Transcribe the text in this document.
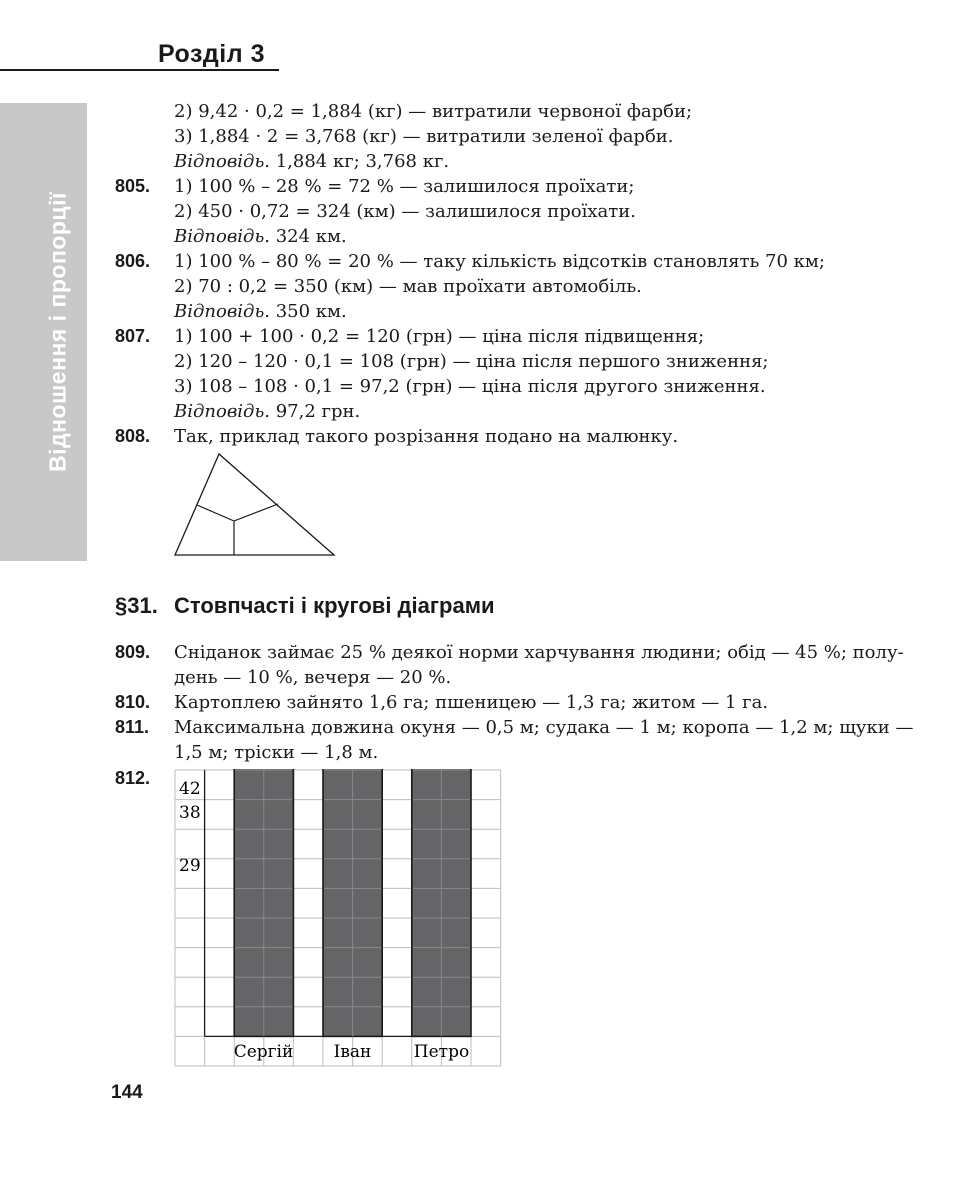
Розділ 3
Відношення і пропорції
2) 9,42 · 0,2 = 1,884 (кг) — витратили червоної фарби;
3) 1,884 · 2 = 3,768 (кг) — витратили зеленої фарби.
Відповідь. 1,884 кг; 3,768 кг.
805. 1) 100 % – 28 % = 72 % — залишилося проїхати;
2) 450 · 0,72 = 324 (км) — залишилося проїхати.
Відповідь. 324 км.
806. 1) 100 % – 80 % = 20 % — таку кількість відсотків становлять 70 км;
2) 70 : 0,2 = 350 (км) — мав проїхати автомобіль.
Відповідь. 350 км.
807. 1) 100 + 100 · 0,2 = 120 (грн) — ціна після підвищення;
2) 120 – 120 · 0,1 = 108 (грн) — ціна після першого зниження;
3) 108 – 108 · 0,1 = 97,2 (грн) — ціна після другого зниження.
Відповідь. 97,2 грн.
808. Так, приклад такого розрізання подано на малюнку.
§31. Стовпчасті і кругові діаграми
809. Сніданок займає 25 % деякої норми харчування людини; обід — 45 %; полу-
день — 10 %, вечеря — 20 %.
810. Картоплею зайнято 1,6 га; пшеницею — 1,3 га; житом — 1 га.
811. Максимальна довжина окуня — 0,5 м; судака — 1 м; коропа — 1,2 м; щуки —
1,5 м; тріски — 1,8 м.
812.
42
38
29
Сергій Іван Петро
144
